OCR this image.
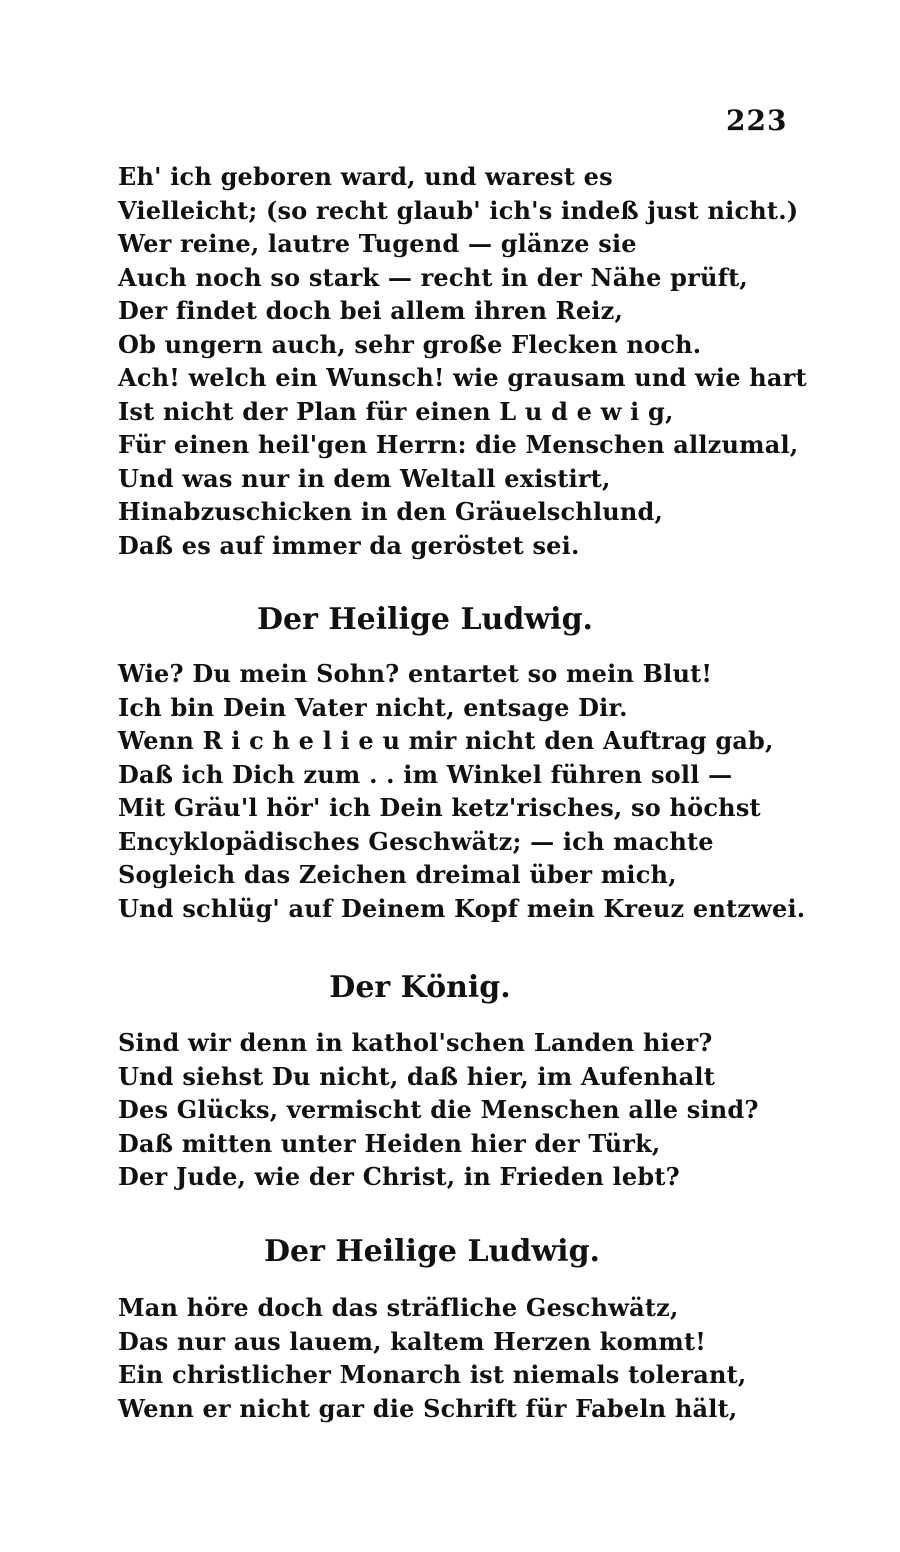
223
Eh' ich geboren ward, und warest es
Vielleicht; (so recht glaub' ich's indeß just nicht.)
Wer reine, lautre Tugend — glänze sie
Auch noch so stark — recht in der Nähe prüft,
Der findet doch bei allem ihren Reiz,
Ob ungern auch, sehr große Flecken noch.
Ach! welch ein Wunsch! wie grausam und wie hart
Ist nicht der Plan für einen L u d e w i g,
Für einen heil'gen Herrn: die Menschen allzumal,
Und was nur in dem Weltall existirt,
Hinabzuschicken in den Gräuelschlund,
Daß es auf immer da geröstet sei.
Der Heilige Ludwig.
Wie? Du mein Sohn? entartet so mein Blut!
Ich bin Dein Vater nicht, entsage Dir.
Wenn R i c h e l i e u mir nicht den Auftrag gab,
Daß ich Dich zum . . im Winkel führen soll —
Mit Gräu'l hör' ich Dein ketz'risches, so höchst
Encyklopädisches Geschwätz; — ich machte
Sogleich das Zeichen dreimal über mich,
Und schlüg' auf Deinem Kopf mein Kreuz entzwei.
Der König.
Sind wir denn in kathol'schen Landen hier?
Und siehst Du nicht, daß hier, im Aufenhalt
Des Glücks, vermischt die Menschen alle sind?
Daß mitten unter Heiden hier der Türk,
Der Jude, wie der Christ, in Frieden lebt?
Der Heilige Ludwig.
Man höre doch das sträfliche Geschwätz,
Das nur aus lauem, kaltem Herzen kommt!
Ein christlicher Monarch ist niemals tolerant,
Wenn er nicht gar die Schrift für Fabeln hält,
